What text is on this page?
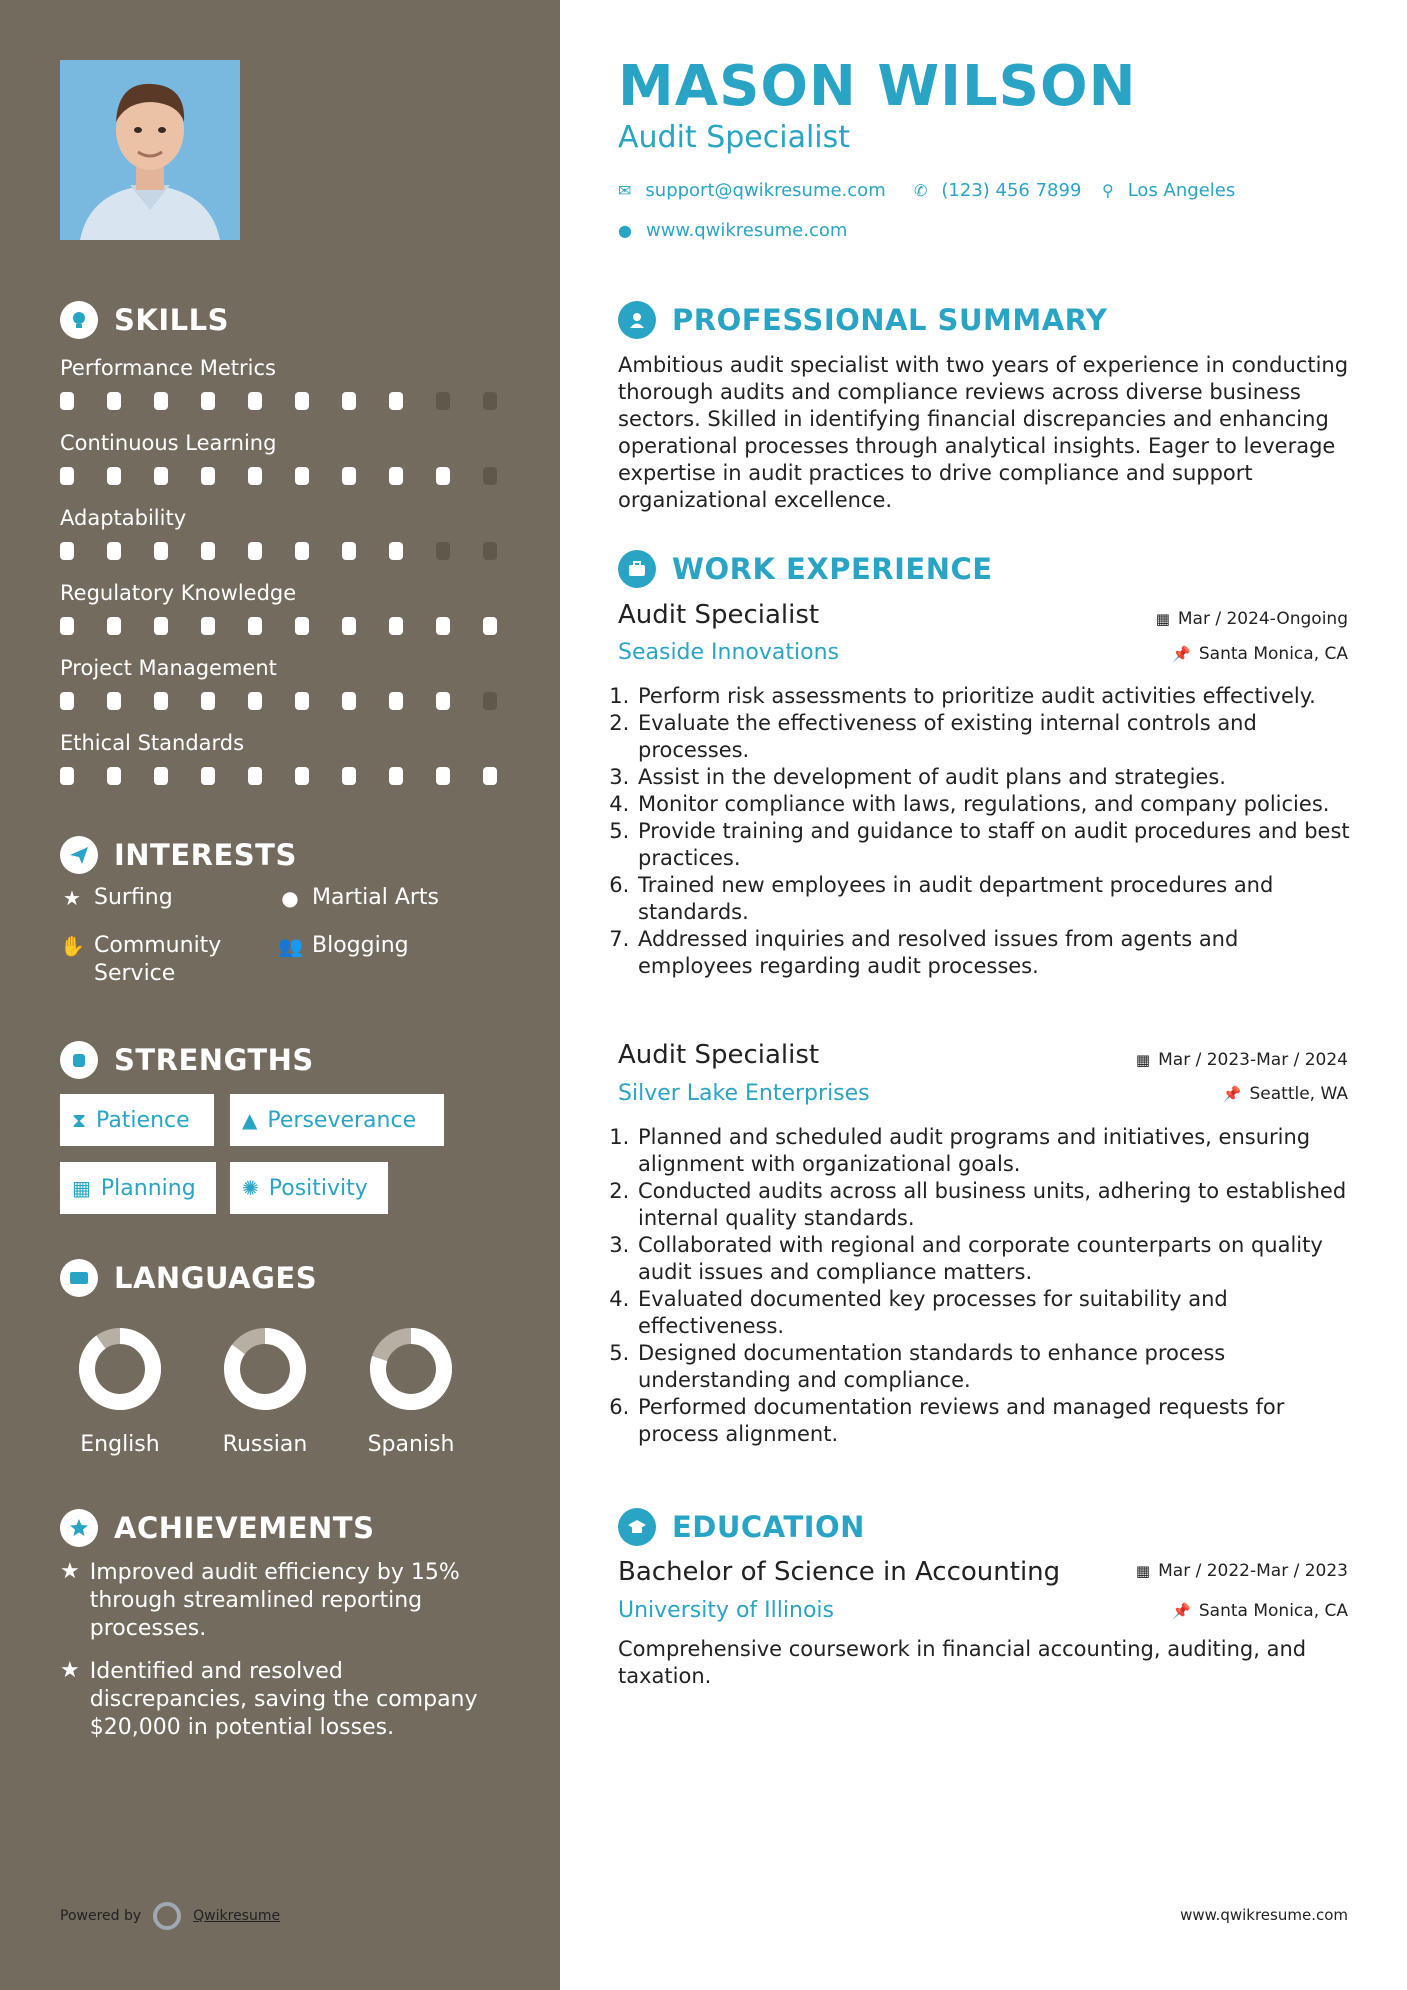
SKILLS
Performance Metrics
Continuous Learning
Adaptability
Regulatory Knowledge
Project Management
Ethical Standards
INTERESTS
★ Surfing	● Martial Arts
✋ Community Service
👥 Blogging
STRENGTHS
⧗ Patience	▲ Perseverance
▦ Planning ✺ Positivity
LANGUAGES
English	Russian	Spanish
ACHIEVEMENTS
★ Improved audit efficiency by 15% through streamlined reporting processes.
★ Identified and resolved discrepancies, saving the company $20,000 in potential losses.
Powered by	Qwikresume
MASON WILSON
Audit Specialist
✉ support@qwikresume.com ✆ (123) 456 7899 ⚲ Los Angeles
● www.qwikresume.com
PROFESSIONAL SUMMARY
Ambitious audit specialist with two years of experience in conducting thorough audits and compliance reviews across diverse business sectors. Skilled in identifying financial discrepancies and enhancing operational processes through analytical insights. Eager to leverage expertise in audit practices to drive compliance and support organizational excellence.
WORK EXPERIENCE
Audit Specialist	▦ Mar / 2024-Ongoing
Seaside Innovations	📌 Santa Monica, CA
1. Perform risk assessments to prioritize audit activities effectively.
2. Evaluate the effectiveness of existing internal controls and processes.
3. Assist in the development of audit plans and strategies.
4. Monitor compliance with laws, regulations, and company policies.
5. Provide training and guidance to staff on audit procedures and best practices.
6. Trained new employees in audit department procedures and standards.
7. Addressed inquiries and resolved issues from agents and employees regarding audit processes.
Audit Specialist	▦ Mar / 2023-Mar / 2024
Silver Lake Enterprises	📌 Seattle, WA
1. Planned and scheduled audit programs and initiatives, ensuring alignment with organizational goals.
2. Conducted audits across all business units, adhering to established internal quality standards.
3. Collaborated with regional and corporate counterparts on quality audit issues and compliance matters.
4. Evaluated documented key processes for suitability and effectiveness.
5. Designed documentation standards to enhance process understanding and compliance.
6. Performed documentation reviews and managed requests for process alignment.
EDUCATION
Bachelor of Science in Accounting	▦ Mar / 2022-Mar / 2023
University of Illinois	📌 Santa Monica, CA
Comprehensive coursework in financial accounting, auditing, and taxation.
www.qwikresume.com
